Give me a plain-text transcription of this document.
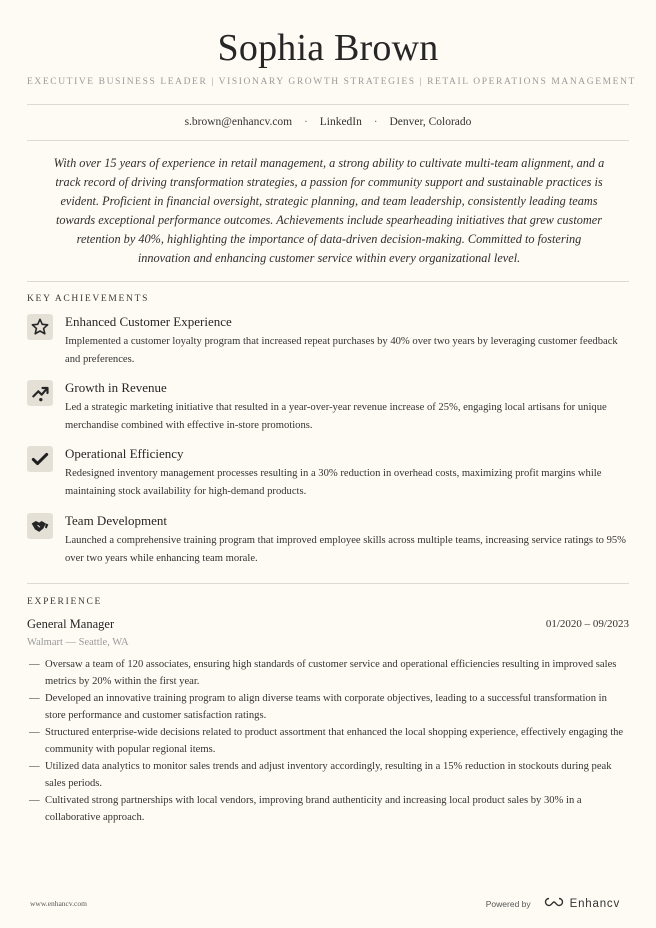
Sophia Brown
EXECUTIVE BUSINESS LEADER | VISIONARY GROWTH STRATEGIES | RETAIL OPERATIONS MANAGEMENT
s.brown@enhancv.com · LinkedIn · Denver, Colorado
With over 15 years of experience in retail management, a strong ability to cultivate multi-team alignment, and a track record of driving transformation strategies, a passion for community support and sustainable practices is evident. Proficient in financial oversight, strategic planning, and team leadership, consistently leading teams towards exceptional performance outcomes. Achievements include spearheading initiatives that grew customer retention by 40%, highlighting the importance of data-driven decision-making. Committed to fostering innovation and enhancing customer service within every organizational level.
KEY ACHIEVEMENTS
Enhanced Customer Experience
Implemented a customer loyalty program that increased repeat purchases by 40% over two years by leveraging customer feedback and preferences.
Growth in Revenue
Led a strategic marketing initiative that resulted in a year-over-year revenue increase of 25%, engaging local artisans for unique merchandise combined with effective in-store promotions.
Operational Efficiency
Redesigned inventory management processes resulting in a 30% reduction in overhead costs, maximizing profit margins while maintaining stock availability for high-demand products.
Team Development
Launched a comprehensive training program that improved employee skills across multiple teams, increasing service ratings to 95% over two years while enhancing team morale.
EXPERIENCE
General Manager	01/2020 – 09/2023
Walmart — Seattle, WA
— Oversaw a team of 120 associates, ensuring high standards of customer service and operational efficiencies resulting in improved sales metrics by 20% within the first year.
— Developed an innovative training program to align diverse teams with corporate objectives, leading to a successful transformation in store performance and customer satisfaction ratings.
— Structured enterprise-wide decisions related to product assortment that enhanced the local shopping experience, effectively engaging the community with popular regional items.
— Utilized data analytics to monitor sales trends and adjust inventory accordingly, resulting in a 15% reduction in stockouts during peak sales periods.
— Cultivated strong partnerships with local vendors, improving brand authenticity and increasing local product sales by 30% in a collaborative approach.
www.enhancv.com	Powered by	Enhancv
